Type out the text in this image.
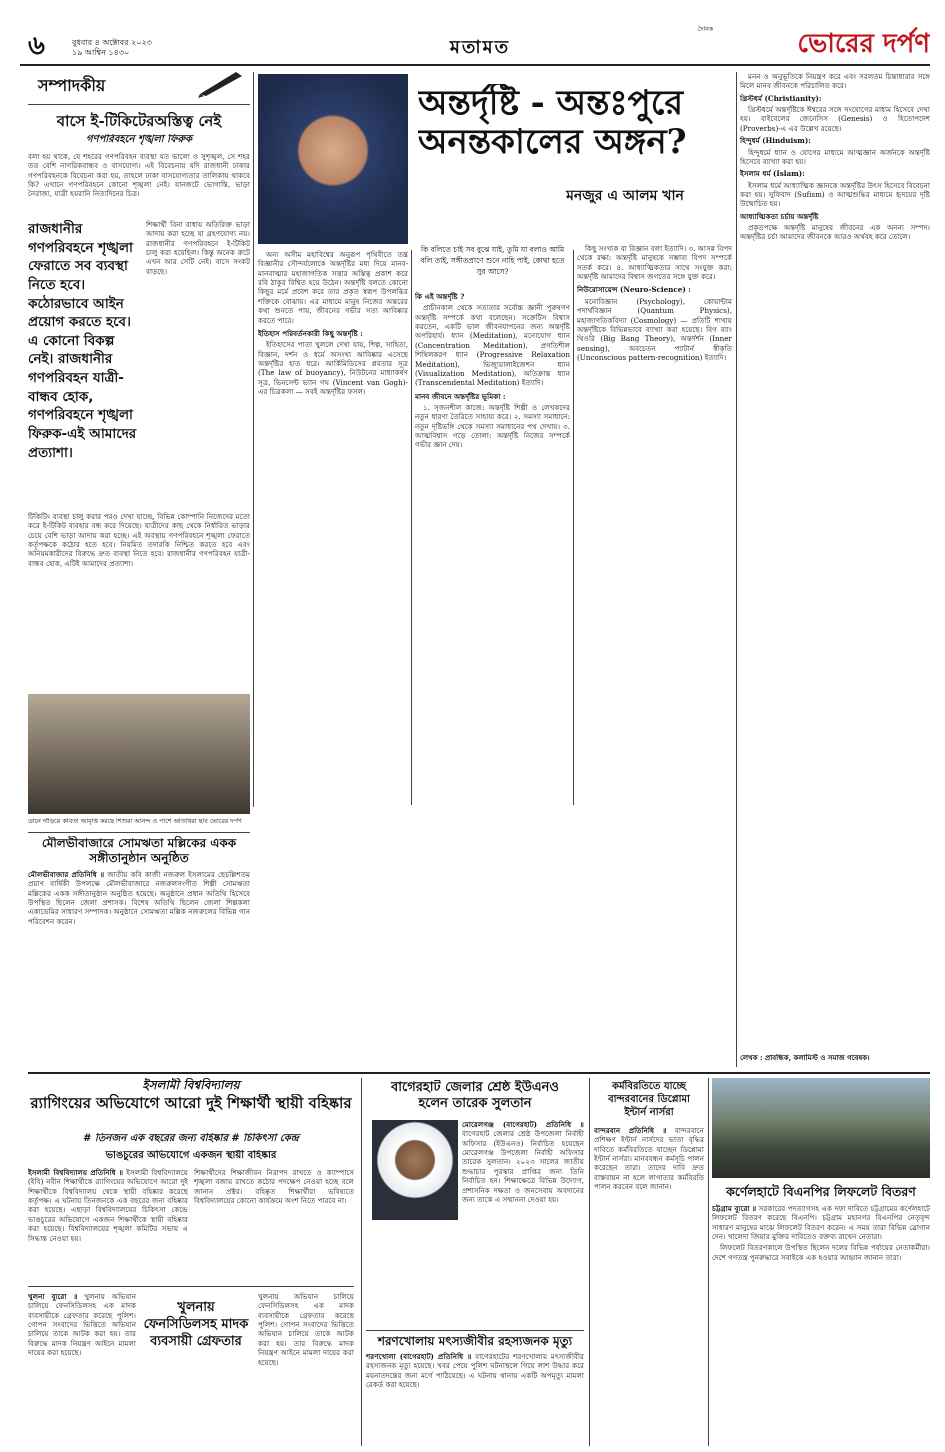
৬	বুধবার ৪ অক্টোবর ২০২৩
১৯ আশ্বিন ১৪৩০	মতামত
দৈনিক	ভোরের দর্পণ
সম্পাদকীয়
বাসে ই-টিকিটেরঅস্তিত্ব নেই
গণপরিবহনে শৃঙ্খলা ফিরুক
বলা হয় থাকে, যে শহরের গণপরিবহন ব্যবস্থা যত ভালো ও সুশৃঙ্খল, সে শহর তত বেশি নাগরিকবান্ধব ও বাসযোগ্য। এই বিবেচনায় যদি রাজধানী ঢাকার গণপরিবহনকে বিবেচনা করা হয়, তাহলে ঢাকা বাসযোগ্যতার তালিকায় থাকবে কি? এখানে গণপরিবহনে কোনো শৃঙ্খলা নেই। যানজটে ভোগান্তি, ভাড়া নৈরাজ্য, যাত্রী হয়রানি নিত্যদিনের চিত্র।
রাজধানীর গণপরিবহনে শৃঙ্খলা ফেরাতে সব ব্যবস্থা নিতে হবে। কঠোরভাবে আইন প্রয়োগ করতে হবে। এ কোনো বিকল্প নেই। রাজধানীর গণপরিবহন যাত্রী-বান্ধব হোক, গণপরিবহনে শৃঙ্খলা ফিরুক-এই আমাদের প্রত্যাশা।
শিক্ষার্থী বিনা বাধায় অতিরিক্ত ভাড়া আদায় করা হচ্ছে যা গ্রহণযোগ্য নয়। রাজধানীর গণপরিবহনে ই-টিকিট চালু করা হয়েছিল। কিন্তু অনেক রুটে এখন আর সেটি নেই। বাসে সংকট বাড়ছে।
টিকিটিং ব্যবস্থা চালু করার পরও দেখা যাচ্ছে, বিভিন্ন কোম্পানি নিজেদের মতো করে ই-টিকিট ব্যবহার বন্ধ করে দিয়েছে। যাত্রীদের কাছ থেকে নির্ধারিত ভাড়ার চেয়ে বেশি ভাড়া আদায় করা হচ্ছে। এই অবস্থায় গণপরিবহনে শৃঙ্খলা ফেরাতে কর্তৃপক্ষকে কঠোর হতে হবে। নিয়মিত তদারকি নিশ্চিত করতে হবে এবং অনিয়মকারীদের বিরুদ্ধে দ্রুত ব্যবস্থা নিতে হবে। রাজধানীর গণপরিবহন যাত্রী-বান্ধব হোক, এটিই আমাদের প্রত্যাশা।
ডানে দাঁড়িয়ে কবিতা আবৃত্তি করছে শিশুরা আনন্দ ও পাশে অতিথিরা ছবি ভোরের দর্পণ
অন্তর্দৃষ্টি - অন্তঃপুরে
অনন্তকালের অঙ্গন?
মনজুর এ আলম খান

অন্য অসীম মহাবিশ্বের অনুরূপ পৃথিবীতে তন্ত্র বিজ্ঞানীর সৌন্দর্যলোকে অন্তর্দৃষ্টির মধ্য দিয়ে মানব-মানবাত্মার মহাজাগতিক সত্তার অস্তিত্ব প্রকাশ করে রবি ঠাকুর বিশ্বিত হয়ে উঠেন। অন্তর্দৃষ্টি বলতে কোনো কিছুর মর্মে প্রবেশ করে তার প্রকৃত স্বরূপ উপলব্ধির শক্তিকে বোঝায়। এর মাধ্যমে মানুষ নিজের অন্তরের কথা শুনতে পায়, জীবনের গভীর সত্য আবিষ্কার করতে পারে।

ইতিহাস পরিবর্তনকারী কিছু অন্তর্দৃষ্টি :

ইতিহাসের পাতা খুললে দেখা যায়, শিল্প, সাহিত্য, বিজ্ঞান, দর্শন ও ধর্মে অসংখ্য আবিষ্কার এসেছে অন্তর্দৃষ্টির হাত ধরে। আর্কিমিডিসের প্লবতার সূত্র (The law of buoyancy), নিউটনের মাধ্যাকর্ষণ সূত্র, ভিনসেন্ট ভ্যান গঘ (Vincent van Gogh)-এর চিত্রকলা — সবই অন্তর্দৃষ্টির ফসল।

কি বলিতে চাই সব বুঝে যাই, তুমি যা বলাও আমি বলি তাই, সঙ্গীতপ্রাণে শুনে নাহি পাই, কোথা হতে সুর আসে?

কি এই অন্তর্দৃষ্টি ?

প্রাচীনকাল থেকে সত্যতার সর্বোচ্চ জ্ঞানী পুরুষগণ অন্তর্দৃষ্টি সম্পর্কে কথা বলেছেন। সক্রেটিস বিশ্বাস করতেন, একটি ভাল জীবনযাপনের জন্য অন্তর্দৃষ্টি অপরিহার্য। ধ্যান (Meditation), মনোযোগ ধ্যান (Concentration Meditation), প্রগতিশীল শিথিলকরণ ধ্যান (Progressive Relaxation Meditation), ভিজ্যুয়ালাইজেশন ধ্যান (Visualization Meditation), অতিক্রান্ত ধ্যান (Transcendental Meditation) ইত্যাদি।

মানব জীবনে অন্তর্দৃষ্টির ভূমিকা :

১. সৃজনশীল কাজে: অন্তর্দৃষ্টি শিল্পী ও লেখকদের নতুন ধারণা তৈরিতে সাহায্য করে। ২. সমস্যা সমাধানে: নতুন দৃষ্টিভঙ্গি থেকে সমস্যা সমাধানের পথ দেখায়। ৩. আত্মবিশ্বাস গড়ে তোলা: অন্তর্দৃষ্টি নিজের সম্পর্কে গভীর জ্ঞান দেয়।

কিছু সংখ্যক বা বিজ্ঞান বলা ইত্যাদি। ৩. আসন্ন বিপদ থেকে রক্ষা: অন্তর্দৃষ্টি মানুষকে সম্ভাব্য বিপদ সম্পর্কে সতর্ক করে। ৪. আধ্যাত্মিকতার সাথে সংযুক্ত করা: অন্তর্দৃষ্টি আমাদের বিশ্বাস জগতের সঙ্গে যুক্ত করে।

নিউরোসায়েন্স (Neuro-Science) :

মনোবিজ্ঞান (Psychology), কোয়ান্টাম পদার্থবিজ্ঞান (Quantum Physics), মহাজাগতিকবিদ্যা (Cosmology) — প্রতিটি শাখায় অন্তর্দৃষ্টিকে বিভিন্নভাবে ব্যাখ্যা করা হয়েছে। বিগ ব্যাং থিওরি (Big Bang Theory), অন্তর্দর্শন (Inner sensing), অবচেতন প্যাটার্ন স্বীকৃতি (Unconscious pattern-recognition) ইত্যাদি।

মনন ও অনুভূতিকে নিয়ন্ত্রণ করে এবং সরলতম চিন্তাধারার সঙ্গে মিলে মানব জীবনকে পরিচালিত করে।

খ্রিস্টধর্ম (Christianity):

খ্রিস্টধর্মে অন্তর্দৃষ্টিকে ঈশ্বরের সঙ্গে সংযোগের মাধ্যম হিসেবে দেখা হয়। বাইবেলের জেনেসিস (Genesis) ও হিতোপদেশ (Proverbs)-এ এর উল্লেখ রয়েছে।

হিন্দুধর্ম (Hinduism):

হিন্দুধর্মে ধ্যান ও যোগের মাধ্যমে আত্মজ্ঞান অর্জনকে অন্তর্দৃষ্টি হিসেবে ব্যাখ্যা করা হয়।

ইসলাম ধর্ম (Islam):

ইসলাম ধর্মে আধ্যাত্মিক জ্ঞানকে অন্তর্দৃষ্টির উৎস হিসেবে বিবেচনা করা হয়। সুফিবাদ (Sufism) ও আত্মশুদ্ধির মাধ্যমে হৃদয়ের দৃষ্টি উন্মোচিত হয়।

আধ্যাত্মিকতা চর্চায় অন্তর্দৃষ্টি

প্রকৃতপক্ষে অন্তর্দৃষ্টি মানুষের জীবনের এক অনন্য সম্পদ। অন্তর্দৃষ্টির চর্চা আমাদের জীবনকে আরও অর্থবহ করে তোলে।

লেখক : প্রাবন্ধিক, কলামিস্ট ও সমাজ গবেষক।
মৌলভীবাজারে সোমঋতা মল্লিকের একক সঙ্গীতানুষ্ঠান অনুষ্ঠিত
মৌলভীবাজার প্রতিনিধি ॥ জাতীয় কবি কাজী নজরুল ইসলামের ছেচল্লিশতম প্রয়াণ বার্ষিকী উপলক্ষে মৌলভীবাজারে নজরুলসংগীত শিল্পী সোমঋতা মল্লিকের একক সঙ্গীতানুষ্ঠান অনুষ্ঠিত হয়েছে। অনুষ্ঠানে প্রধান অতিথি হিসেবে উপস্থিত ছিলেন জেলা প্রশাসক। বিশেষ অতিথি ছিলেন জেলা শিল্পকলা একাডেমির সাধারণ সম্পাদক। অনুষ্ঠানে সোমঋতা মল্লিক নজরুলের বিভিন্ন গান পরিবেশন করেন।
ইসলামী বিশ্ববিদ্যালয়
র‌্যাগিংয়ের অভিযোগে আরো দুই শিক্ষার্থী স্থায়ী বহিষ্কার
# তিনজন এক বছরের জন্য বহিষ্কার # চিকিৎসা কেন্দ্র
ভাঙচুরের অভিযোগে একজন স্থায়ী বহিষ্কার
ইসলামী বিশ্ববিদ্যালয় প্রতিনিধি ॥ ইসলামী বিশ্ববিদ্যালয়ে (ইবি) নবীন শিক্ষার্থীকে র‌্যাগিংয়ের অভিযোগে আরো দুই শিক্ষার্থীকে বিশ্ববিদ্যালয় থেকে স্থায়ী বহিষ্কার করেছে কর্তৃপক্ষ। এ ঘটনায় তিনজনকে এক বছরের জন্য বহিষ্কার করা হয়েছে। এছাড়া বিশ্ববিদ্যালয়ের চিকিৎসা কেন্দ্রে ভাঙচুরের অভিযোগে একজন শিক্ষার্থীকে স্থায়ী বহিষ্কার করা হয়েছে। বিশ্ববিদ্যালয়ের শৃঙ্খলা কমিটির সভায় এ সিদ্ধান্ত নেওয়া হয়।
শিক্ষার্থীদের শিক্ষাজীবন নিরাপদ রাখতে ও ক্যাম্পাসে শৃঙ্খলা বজায় রাখতে কঠোর পদক্ষেপ নেওয়া হচ্ছে বলে জানান প্রক্টর। বহিষ্কৃত শিক্ষার্থীরা ভবিষ্যতে বিশ্ববিদ্যালয়ের কোনো কার্যক্রমে অংশ নিতে পারবে না।
খুলনা ব্যুরো ॥ খুলনায় অভিযান চালিয়ে ফেনসিডিলসহ এক মাদক ব্যবসায়ীকে গ্রেফতার করেছে পুলিশ। গোপন সংবাদের ভিত্তিতে অভিযান চালিয়ে তাকে আটক করা হয়। তার বিরুদ্ধে মাদক নিয়ন্ত্রণ আইনে মামলা দায়ের করা হয়েছে।
খুলনায় ফেনসিডিলসহ মাদক ব্যবসায়ী গ্রেফতার
খুলনায় অভিযান চালিয়ে ফেনসিডিলসহ এক মাদক ব্যবসায়ীকে গ্রেফতার করেছে পুলিশ। গোপন সংবাদের ভিত্তিতে অভিযান চালিয়ে তাকে আটক করা হয়। তার বিরুদ্ধে মাদক নিয়ন্ত্রণ আইনে মামলা দায়ের করা হয়েছে।
বাগেরহাট জেলার শ্রেষ্ঠ ইউএনও
হলেন তারেক সুলতান
মোরেলগঞ্জ (বাগেরহাট) প্রতিনিধি ॥ বাগেরহাট জেলার শ্রেষ্ঠ উপজেলা নির্বাহী অফিসার (ইউএনও) নির্বাচিত হয়েছেন মোরেলগঞ্জ উপজেলা নির্বাহী অফিসার তারেক সুলতান। ২০২৩ সালের জাতীয় শুদ্ধাচার পুরস্কার প্রাপ্তির জন্য তিনি নির্বাচিত হন। শিক্ষাক্ষেত্রে বিভিন্ন উদ্যোগ, প্রশাসনিক দক্ষতা ও জনসেবায় অবদানের জন্য তাকে এ সম্মাননা দেওয়া হয়।
শরণখোলায় মৎস্যজীবীর রহস্যজনক মৃত্যু
শরণখোলা (বাগেরহাট) প্রতিনিধি ॥ বাগেরহাটের শরণখোলায় মৎস্যজীবীর রহস্যজনক মৃত্যু হয়েছে। খবর পেয়ে পুলিশ ঘটনাস্থলে গিয়ে লাশ উদ্ধার করে ময়নাতদন্তের জন্য মর্গে পাঠিয়েছে। এ ঘটনায় থানায় একটি অপমৃত্যু মামলা রেকর্ড করা হয়েছে।
কর্মবিরতিতে যাচ্ছে
বান্দরবানের ডিপ্লোমা
ইন্টার্ন নার্সরা
বান্দরবান প্রতিনিধি ॥ বান্দরবানে প্রশিক্ষণ ইন্টার্ন নার্সদের ভাতা বৃদ্ধির দাবিতে কর্মবিরতিতে যাচ্ছেন ডিপ্লোমা ইন্টার্ন নার্সরা। মানববন্ধন কর্মসূচি পালন করেছেন তারা। তাদের দাবি দ্রুত বাস্তবায়ন না হলে লাগাতার কর্মবিরতি পালন করবেন বলে জানান।	কর্ণেলহাটে বিএনপির লিফলেট বিতরণ
চট্টগ্রাম ব্যুরো ॥ সরকারের পদত্যাগসহ এক দফা দাবিতে চট্টগ্রামের কর্ণেলহাটে লিফলেট বিতরণ করেছে বিএনপি। চট্টগ্রাম মহানগর বিএনপির নেতৃবৃন্দ সাধারণ মানুষের মাঝে লিফলেট বিতরণ করেন। এ সময় তারা বিভিন্ন স্লোগান দেন। খালেদা জিয়ার মুক্তির দাবিতেও বক্তব্য রাখেন নেতারা।

লিফলেট বিতরণকালে উপস্থিত ছিলেন দলের বিভিন্ন পর্যায়ের নেতাকর্মীরা। দেশে গণতন্ত্র পুনরুদ্ধারে সবাইকে এক হওয়ার আহ্বান জানান তারা।
